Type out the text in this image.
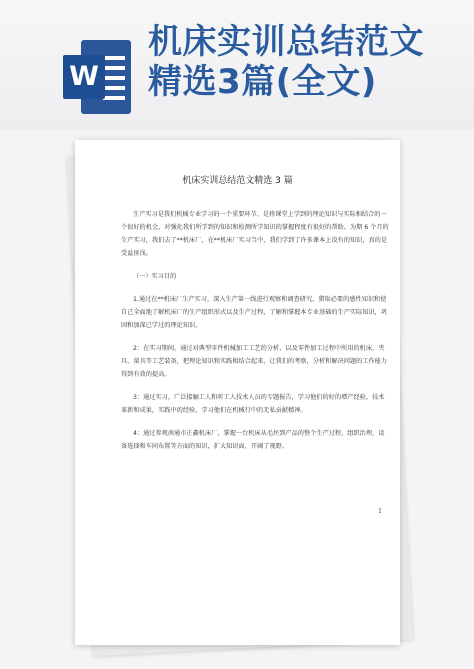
W
机床实训总结范文
精选3篇(全文)
机床实训总结范文精选 3 篇

生产实习是我们机械专业学习的一个重要环节，是将课堂上学到的理论知识与实际相结合的一个很好的机会，对强化我们所学到的知识和检测所学知识的掌握程度有很好的帮助。为期 6 个月的生产实习，我们去了**机床厂，在**机床厂实习当中，我们学到了许多课本上没有的知识，真的是受益匪浅。

（一）实习目的

1.通过在**机床厂生产实习，深入生产第一线进行观察和调查研究，猎取必要的感性知识和使自己全面地了解机床厂的生产组织形式以及生产过程，了解和掌握本专业基础的生产实际知识，巩固和加深已学过的理论知识。

2：在实习期间，通过对典型零件机械加工工艺的分析，以及零件加工过程中所用的机床，夹具，量具等工艺装备，把理论知识和实践相结合起来，让我们的考察，分析和解决问题的工作能力得到有效的提高。

3：通过实习，广泛接触工人和听工人技术人员的专题报告，学习他们的好的增产经验，技术革新和成果，实践中的经验，学习他们在机械行中的无私贡献精神。

4：通过参观南通市正鑫机床厂，掌握一台机床从毛坯到产品的整个生产过程，组织治理，设备选择和车间布置等方面的知识，扩大知识面，开阔了视野。

1
